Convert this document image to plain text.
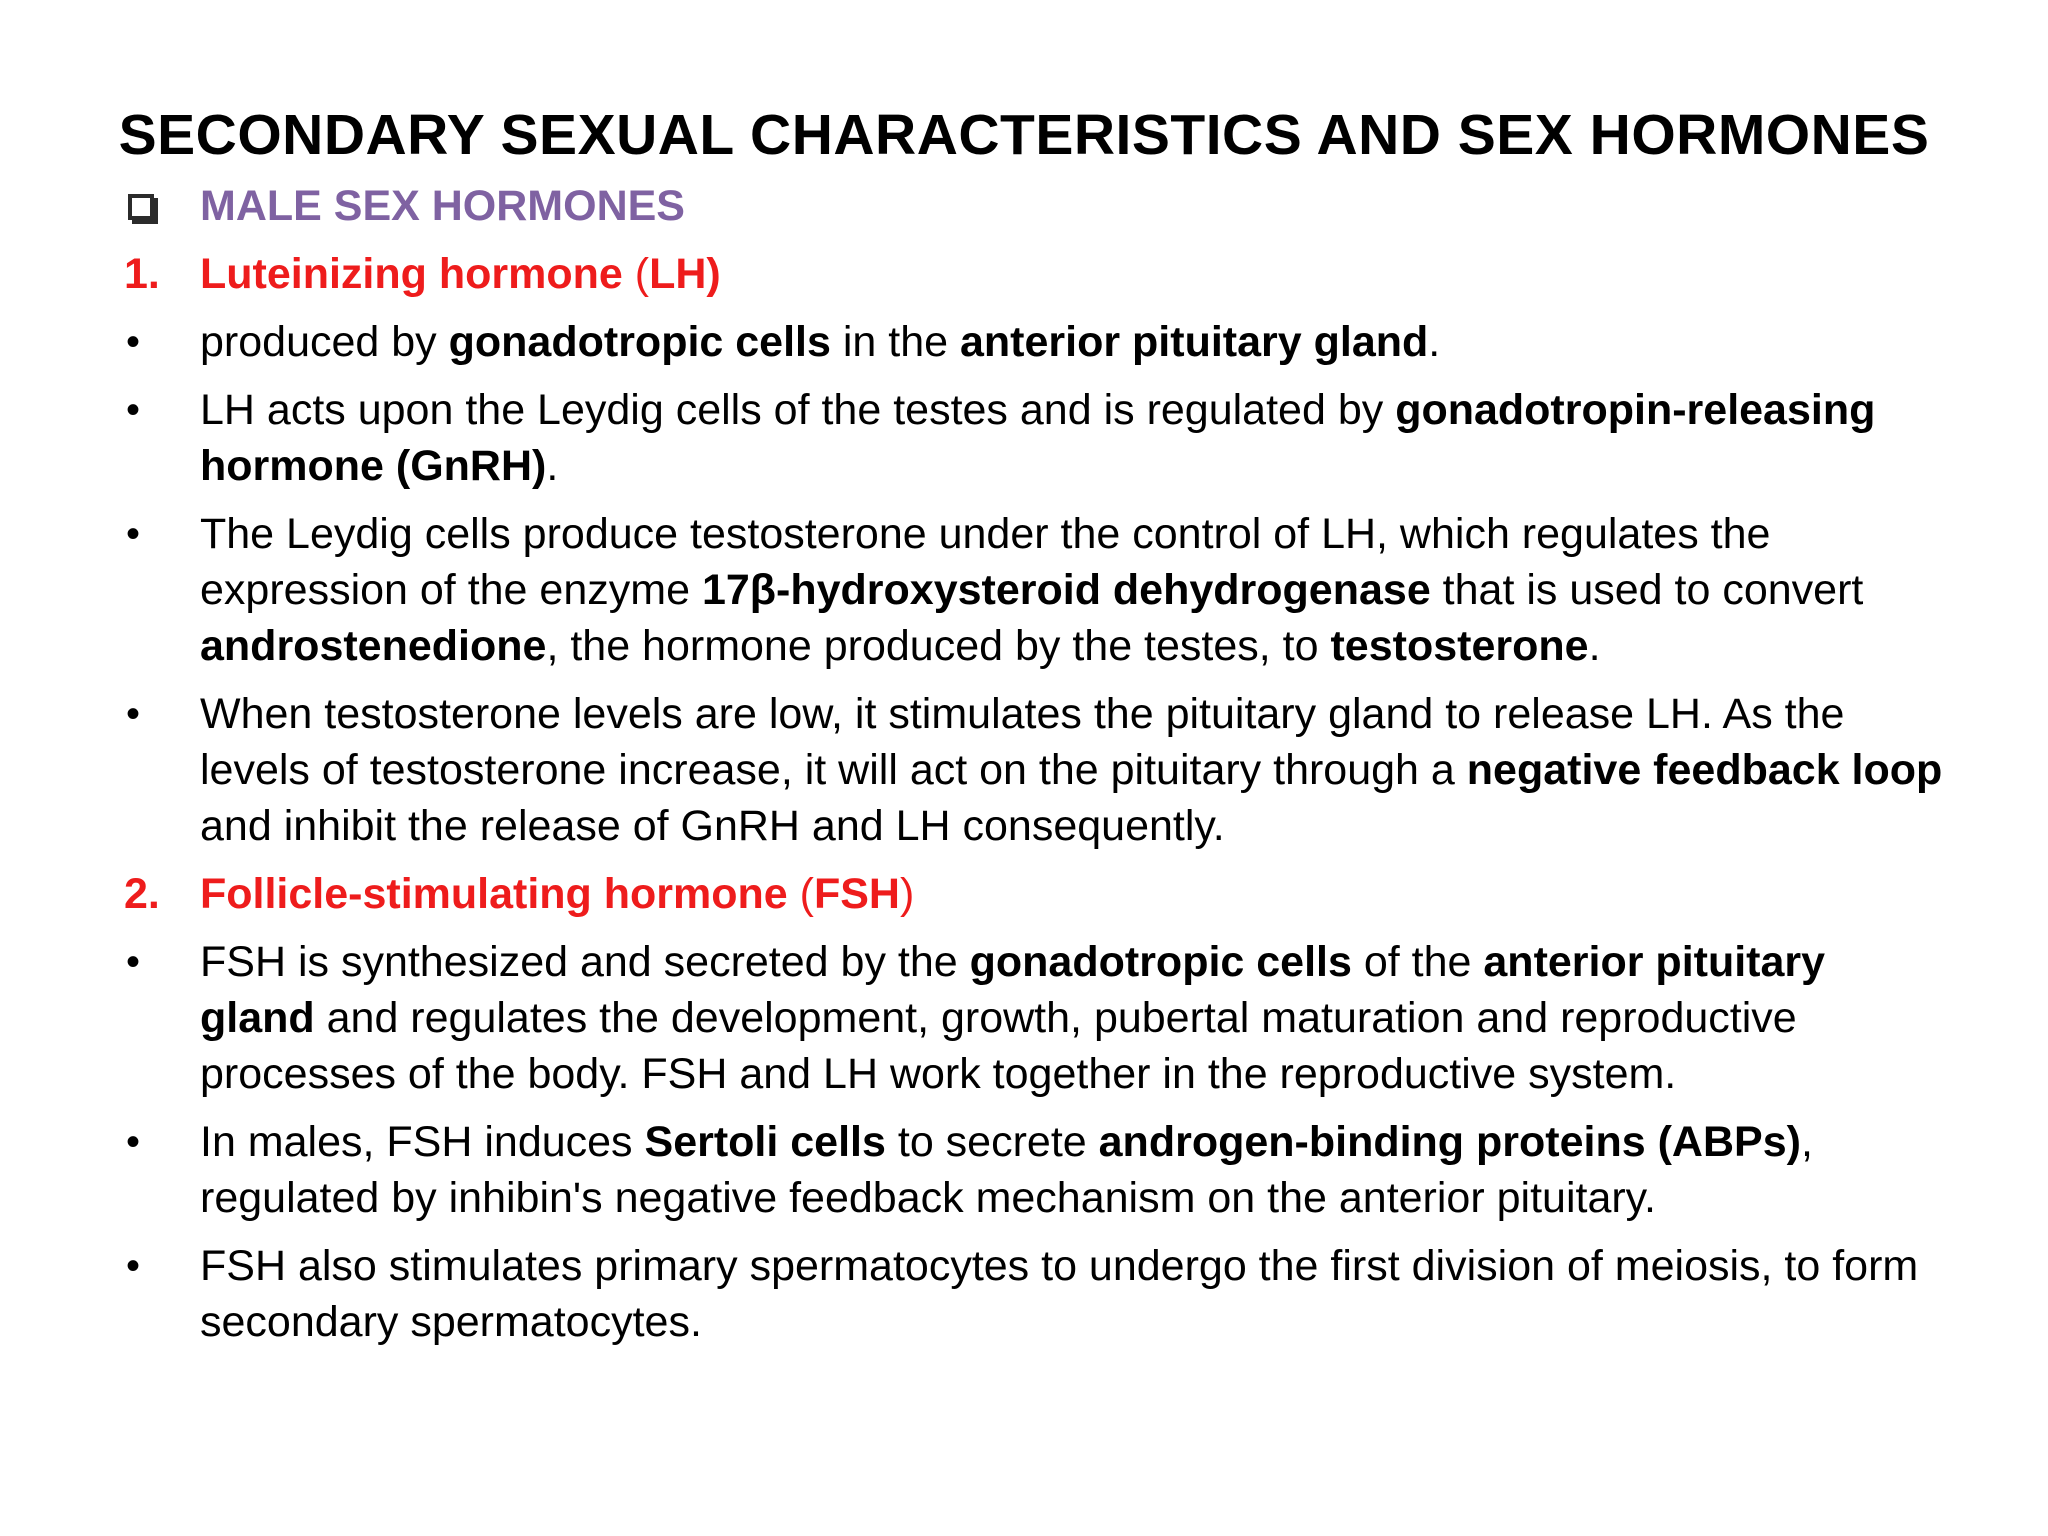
SECONDARY SEXUAL CHARACTERISTICS AND SEX HORMONES
MALE SEX HORMONES
1. Luteinizing hormone (LH)
•	produced by gonadotropic cells in the anterior pituitary gland.
•	LH acts upon the Leydig cells of the testes and is regulated by gonadotropin-releasing hormone (GnRH).
•	The Leydig cells produce testosterone under the control of LH, which regulates the expression of the enzyme 17β-hydroxysteroid dehydrogenase that is used to convert androstenedione, the hormone produced by the testes, to testosterone.
•	When testosterone levels are low, it stimulates the pituitary gland to release LH. As the levels of testosterone increase, it will act on the pituitary through a negative feedback loop and inhibit the release of GnRH and LH consequently.
2. Follicle-stimulating hormone (FSH)
•	FSH is synthesized and secreted by the gonadotropic cells of the anterior pituitary gland and regulates the development, growth, pubertal maturation and reproductive processes of the body. FSH and LH work together in the reproductive system.
•	In males, FSH induces Sertoli cells to secrete androgen-binding proteins (ABPs), regulated by inhibin's negative feedback mechanism on the anterior pituitary.
•	FSH also stimulates primary spermatocytes to undergo the first division of meiosis, to form secondary spermatocytes.
